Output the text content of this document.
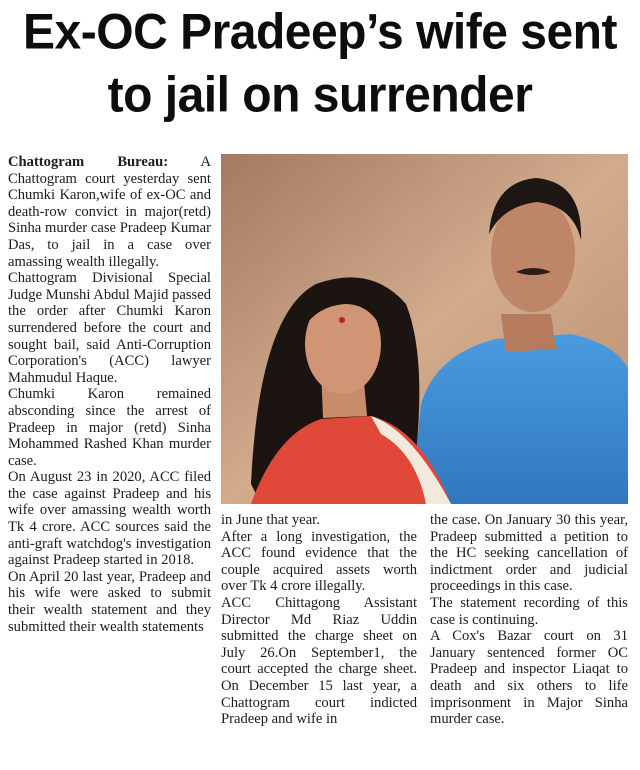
Ex-OC Pradeep’s wife sent
to jail on surrender

Chattogram Bureau: A Chattogram court yesterday sent Chumki Karon,wife of ex-OC and death-row convict in major(retd) Sinha murder case Pradeep Kumar Das, to jail in a case over amassing wealth illegally.

Chattogram Divisional Special Judge Munshi Abdul Majid passed the order after Chumki Karon surrendered before the court and sought bail, said Anti-Corruption Corporation's (ACC) lawyer Mahmudul Haque.

Chumki Karon remained absconding since the arrest of Pradeep in major (retd) Sinha Mohammed Rashed Khan murder case.

On August 23 in 2020, ACC filed the case against Pradeep and his wife over amassing wealth worth Tk 4 crore. ACC sources said the anti-graft watchdog's investigation against Pradeep started in 2018.

On April 20 last year, Pradeep and his wife were asked to submit their wealth statement and they submitted their wealth statements

in June that year.

After a long investigation, the ACC found evidence that the couple acquired assets worth over Tk 4 crore illegally.

ACC Chittagong Assistant Director Md Riaz Uddin submitted the charge sheet on July 26.On September1, the court accepted the charge sheet. On December 15 last year, a Chattogram court indicted Pradeep and wife in

the case. On January 30 this year, Pradeep submitted a petition to the HC seeking cancellation of indictment order and judicial proceedings in this case.

The statement recording of this case is continuing.

A Cox's Bazar court on 31 January sentenced former OC Pradeep and inspector Liaqat to death and six others to life imprisonment in Major Sinha murder case.
